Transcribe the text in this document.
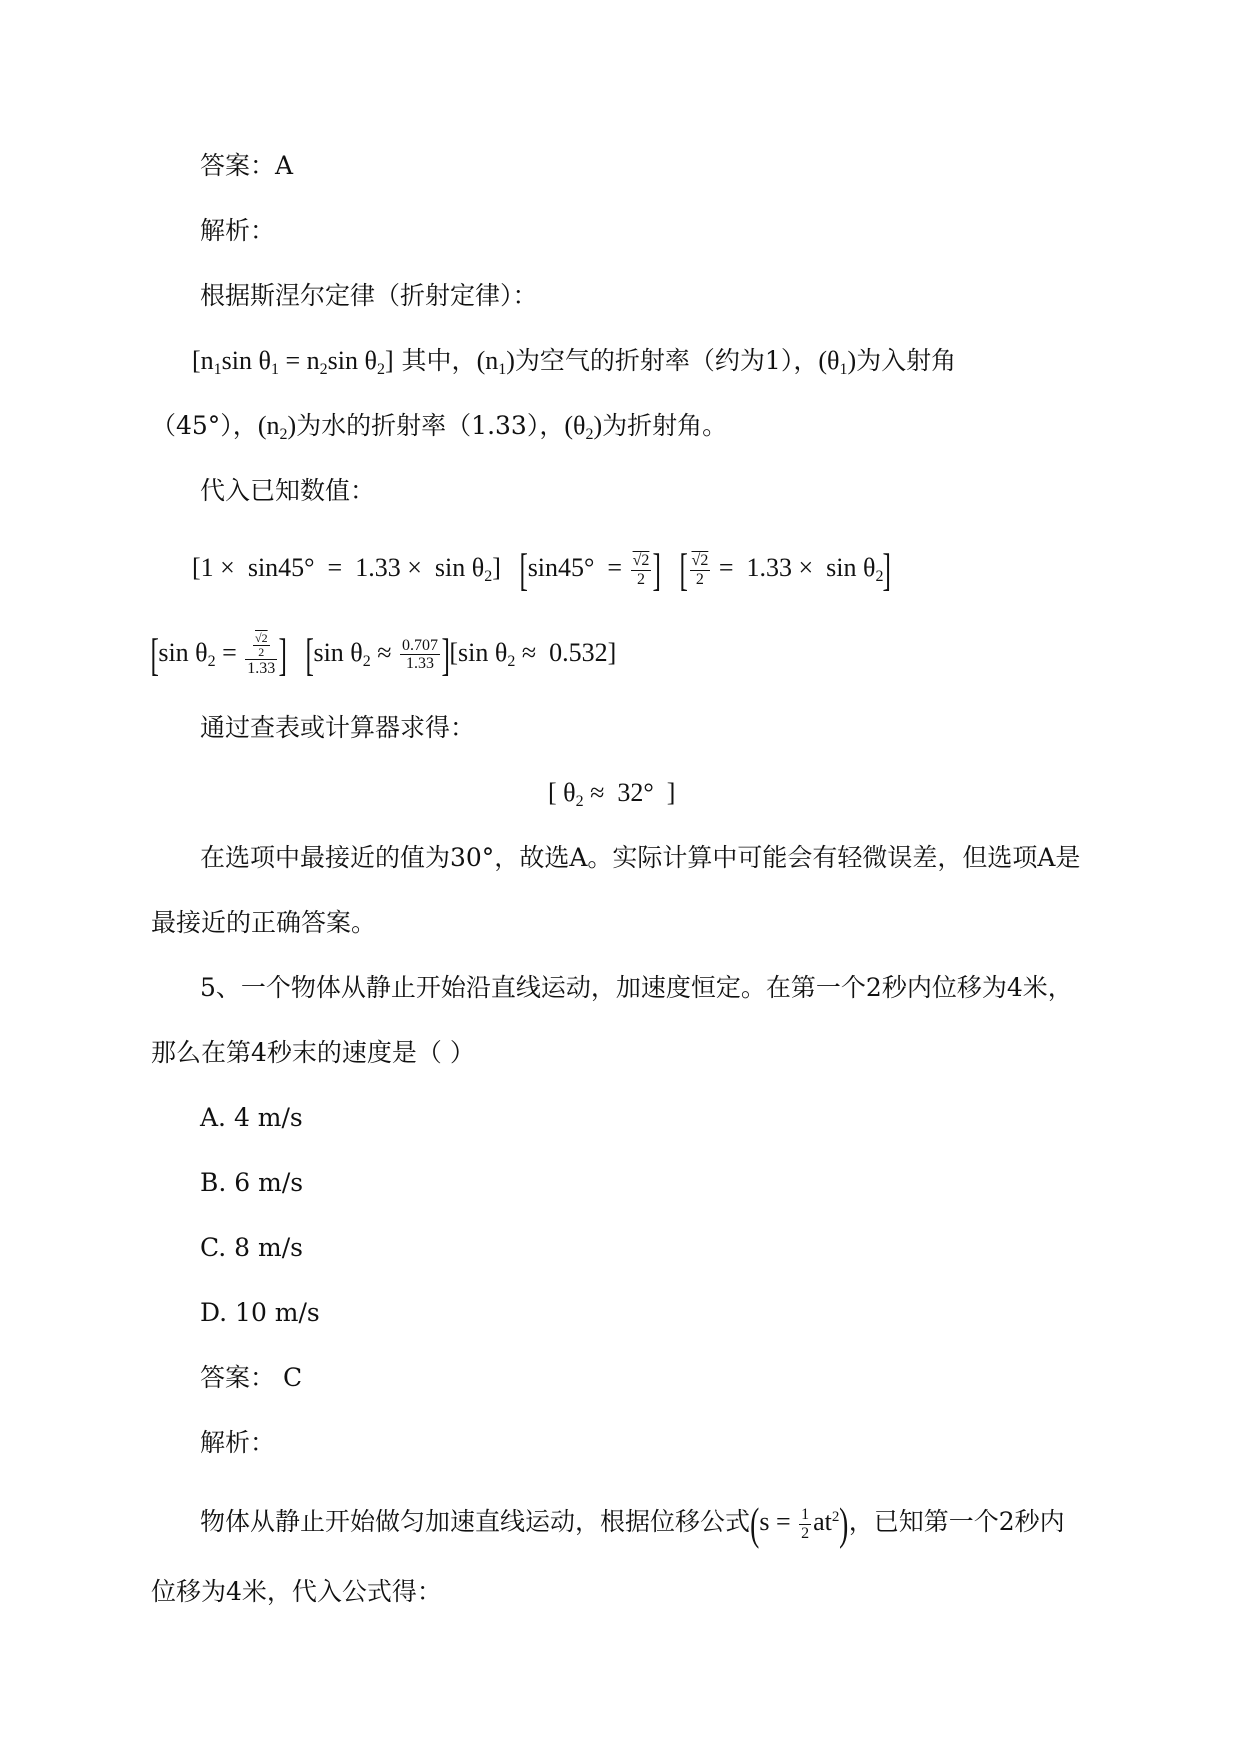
答案：A
解析：
根据斯涅尔定律（折射定律）：
[$n_1\sin$ $\theta_1 = n_2\sin$ $\theta_2$] 其中，$(n_1)$为空气的折射率（约为1），$(\theta_1)$为入射角
（45°），$(n_2)$为水的折射率（1.33），$(\theta_2)$为折射角。
代入已知数值：
$[1 \times \sin 45^\circ = 1.33 \times \sin \theta_2]$ [$\sin 45^\circ = \frac{√2}{2}$ ] [ $\frac{√2}{2} = 1.33 \times \sin \theta_2$]
[sin $\theta_2 = \frac{\frac{√2}{2}}{1.33}$ ] [sin $\theta_2 \approx \frac{0.707}{1.33} ][\sin$ $\theta_2 \approx 0.532$]
通过查表或计算器求得：
[ $\theta_2 \approx 32^\circ$  ]
在选项中最接近的值为30°，故选A。实际计算中可能会有轻微误差，但选项A是
最接近的正确答案。
5、一个物体从静止开始沿直线运动，加速度恒定。在第一个2秒内位移为4米，
那么在第4秒末的速度是（ ）
A. 4 m/s
B. 6 m/s
C. 8 m/s
D. 10 m/s
答案： C
解析：
物体从静止开始做匀加速直线运动，根据位移公式$(s = \frac{1}{2} at^2)$，已知第一个2秒内
位移为4米，代入公式得：
